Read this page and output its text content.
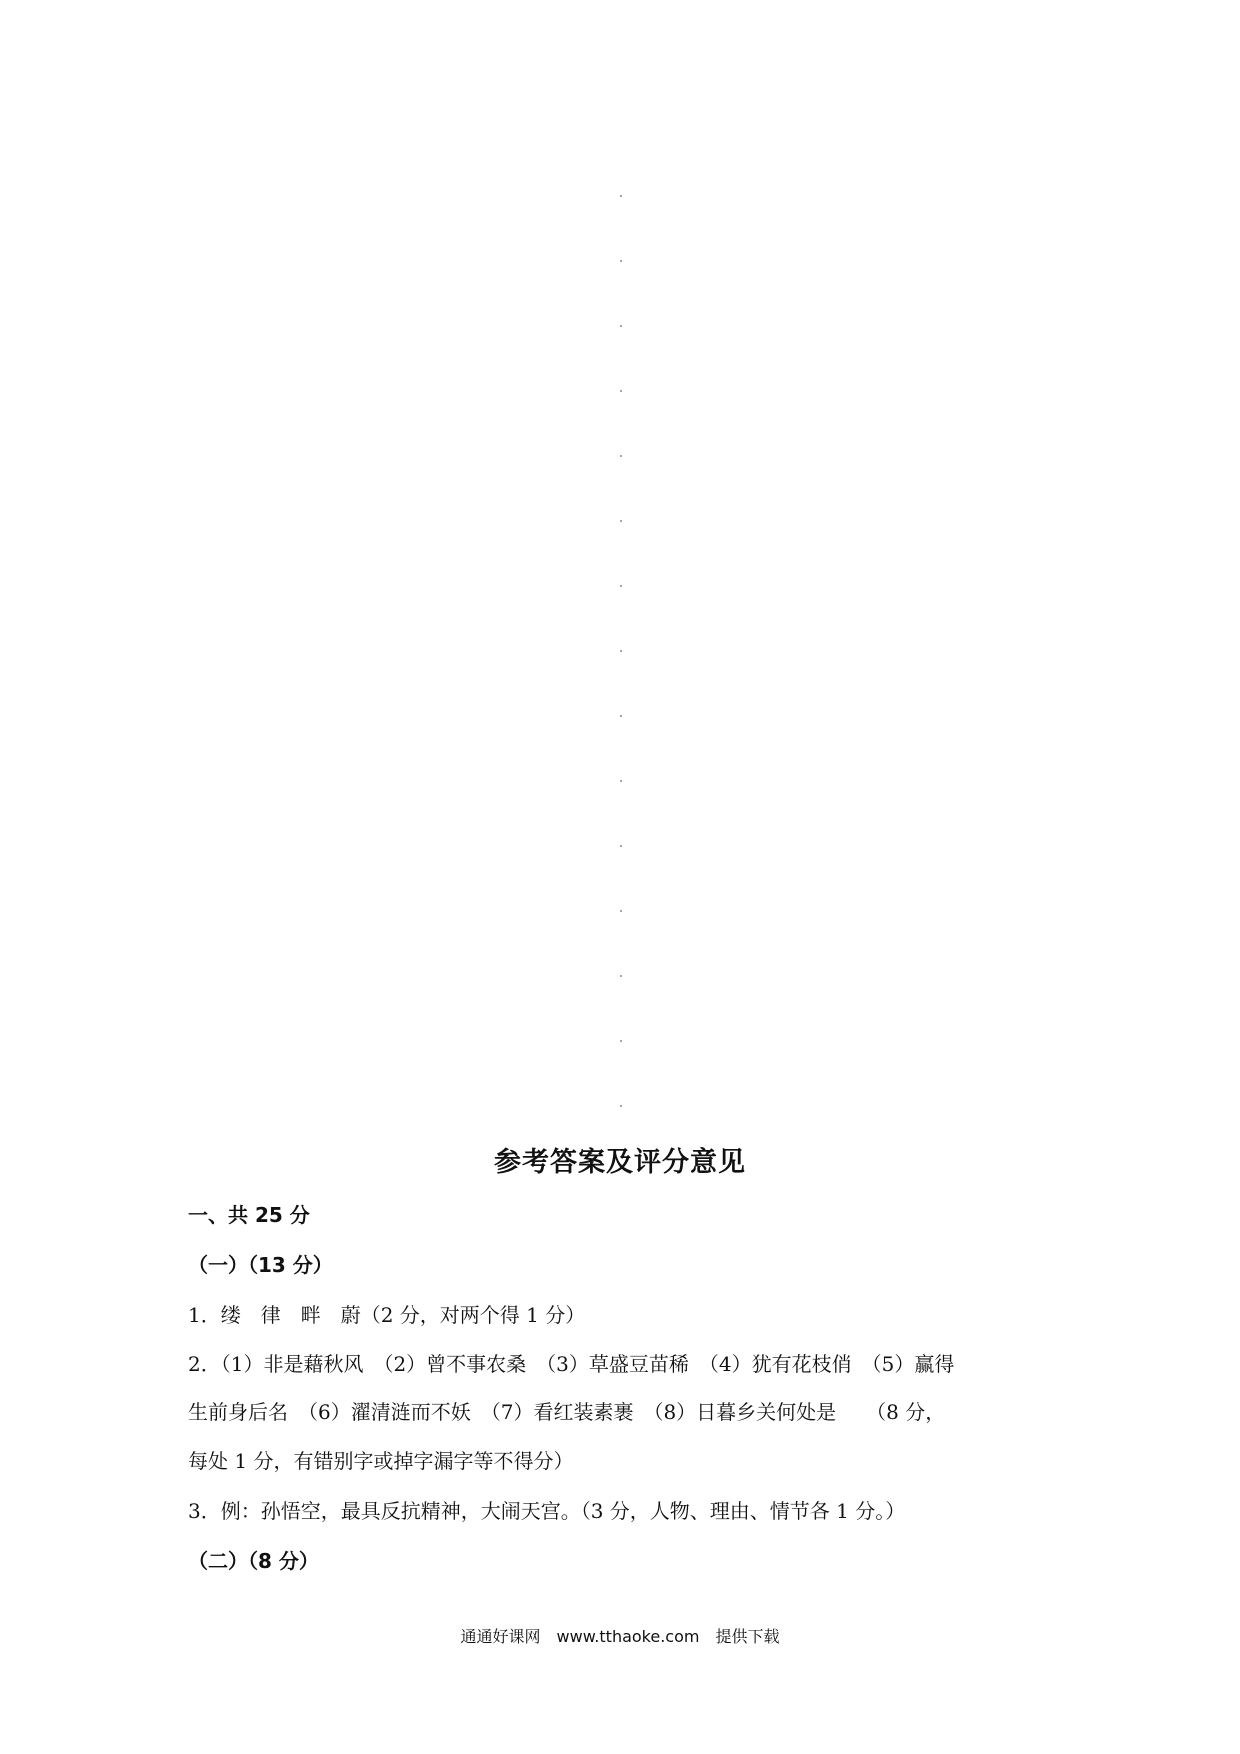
参考答案及评分意见
一、共 25 分
（一）（13 分）
1．缕　律　畔　蔚（2 分，对两个得 1 分）
2．（1）非是藉秋风　（2）曾不事农桑　（3）草盛豆苗稀　（4）犹有花枝俏　（5）赢得
生前身后名　（6）濯清涟而不妖　（7）看红装素裹　（8）日暮乡关何处是　　（8 分，
每处 1 分，有错别字或掉字漏字等不得分）
3．例：孙悟空，最具反抗精神，大闹天宫。（3 分，人物、理由、情节各 1 分。）
（二）（8 分）
通通好课网　www.tthaoke.com　提供下载
